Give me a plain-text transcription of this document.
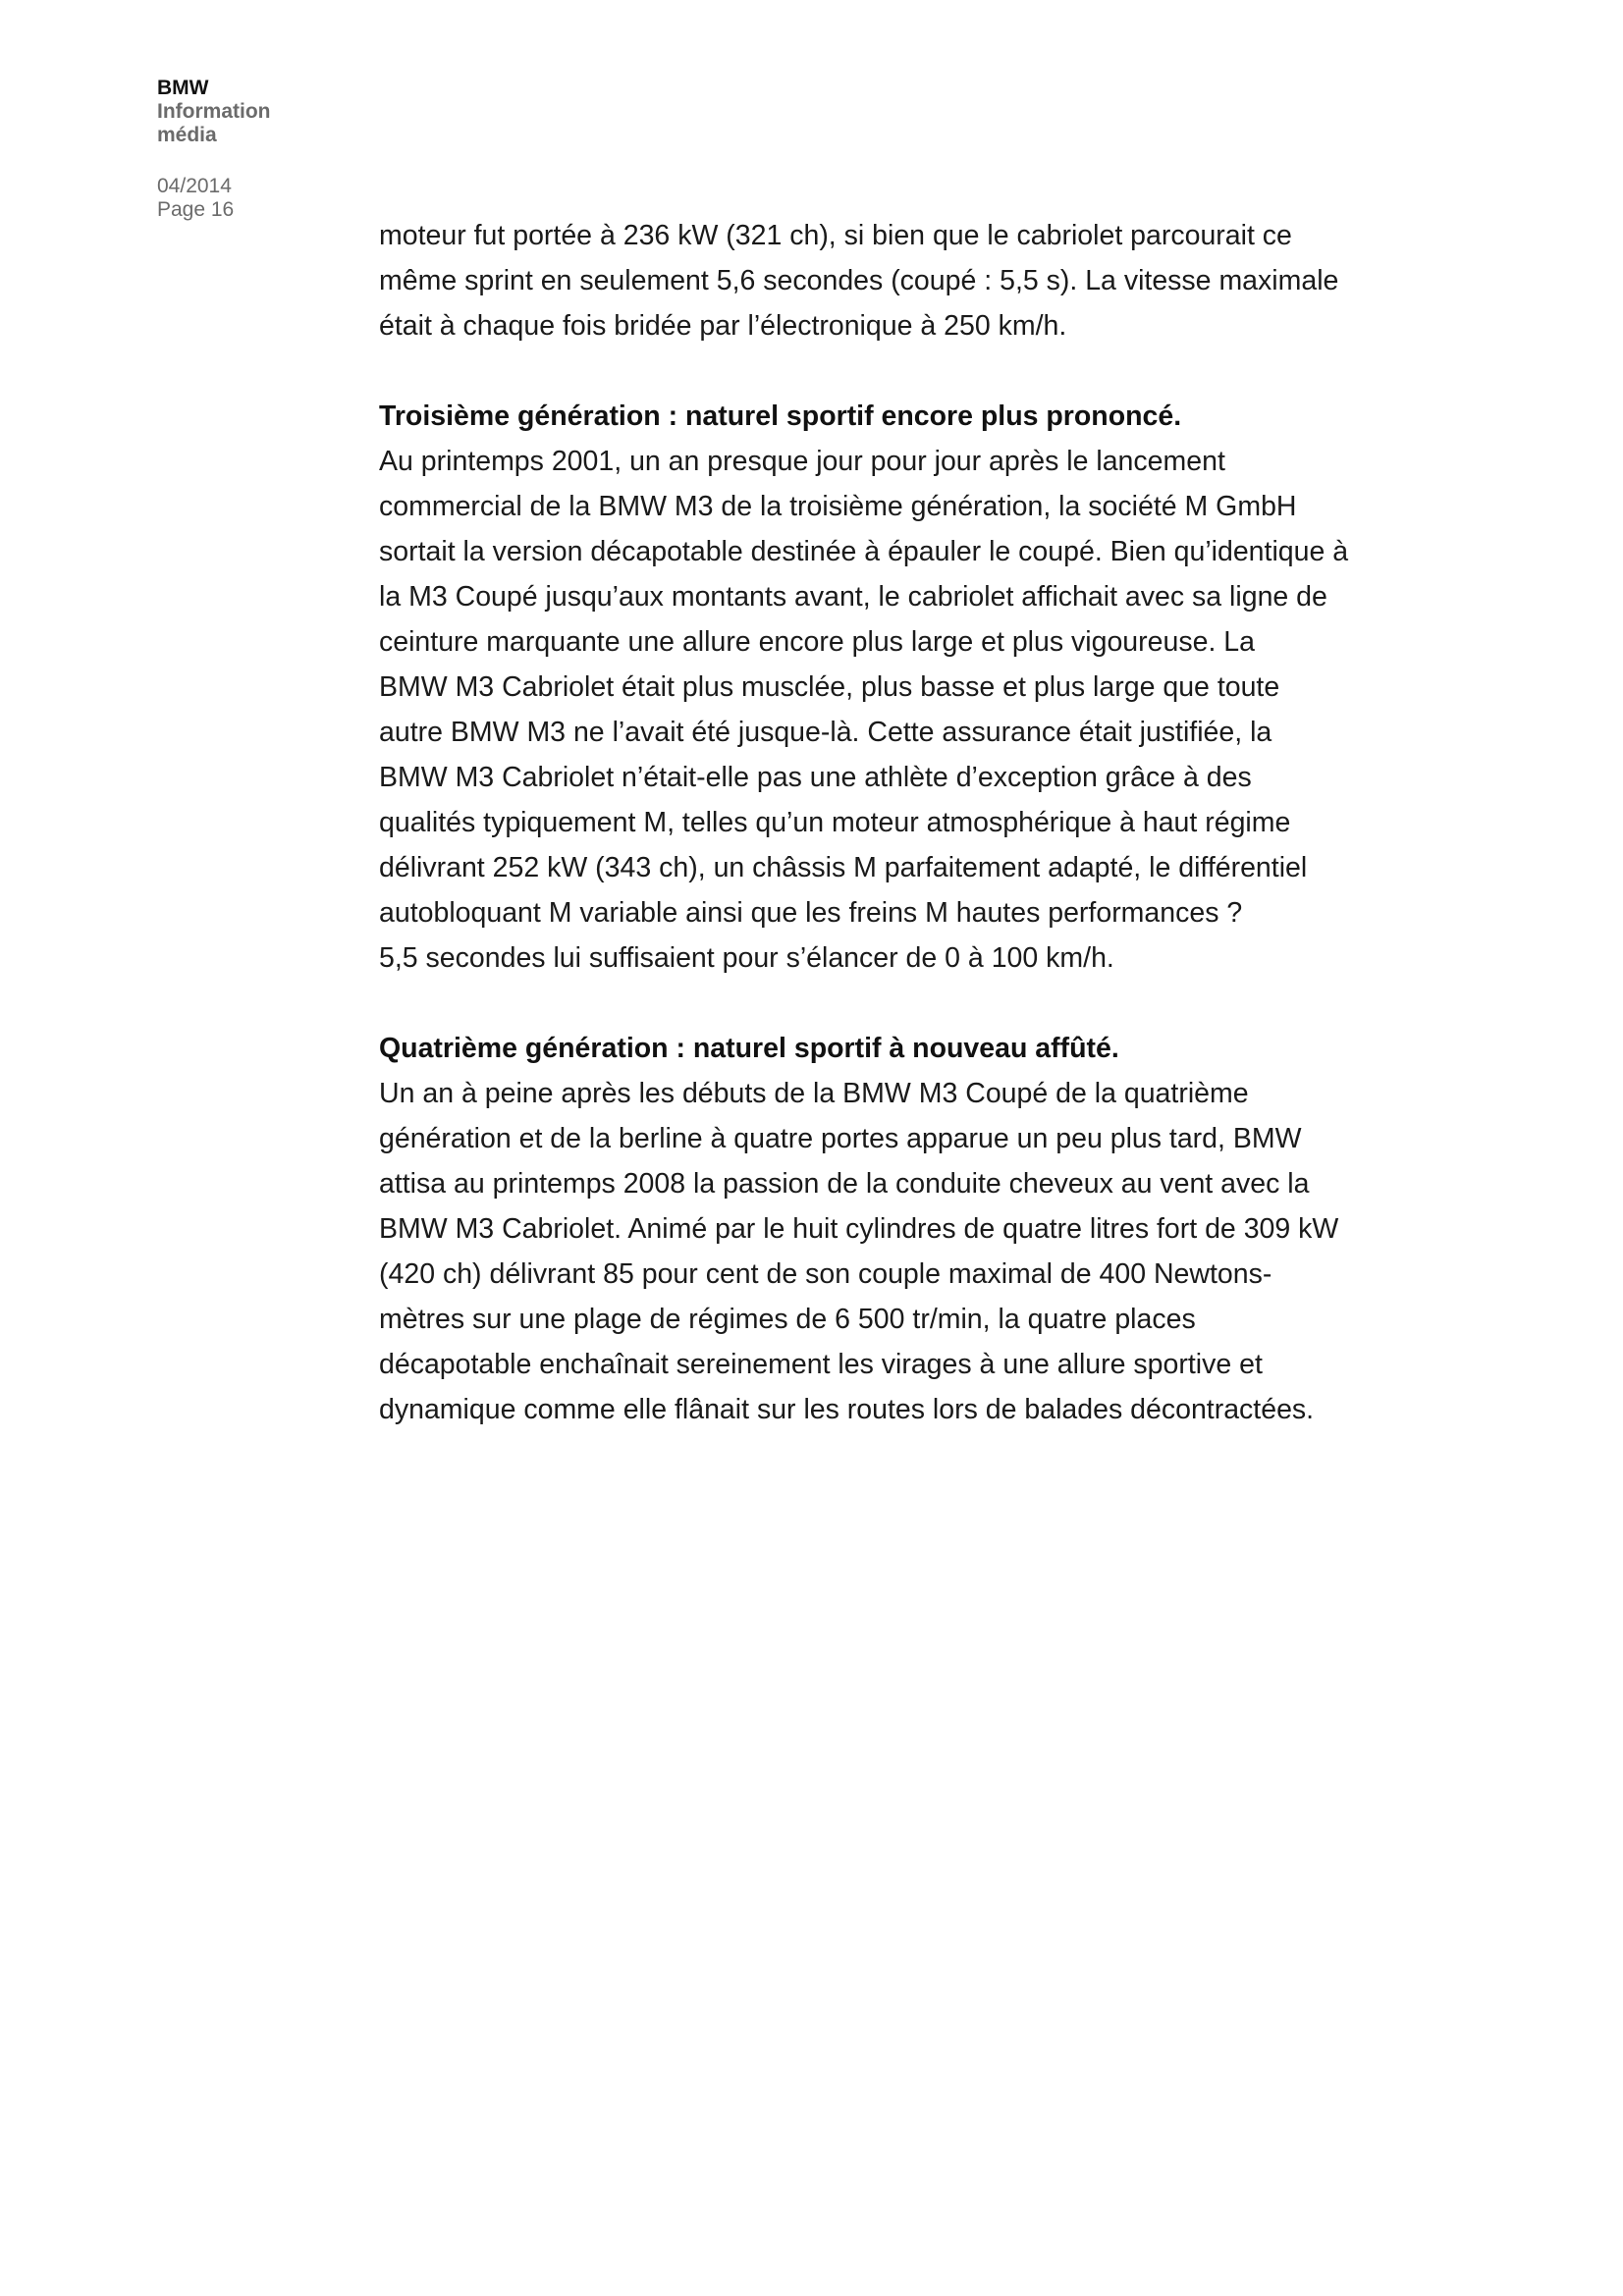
BMW
Information
média
04/2014
Page 16

moteur fut portée à 236 kW (321 ch), si bien que le cabriolet parcourait ce
même sprint en seulement 5,6 secondes (coupé : 5,5 s). La vitesse maximale
était à chaque fois bridée par l’électronique à 250 km/h.

Troisième génération : naturel sportif encore plus prononcé.
Au printemps 2001, un an presque jour pour jour après le lancement
commercial de la BMW M3 de la troisième génération, la société M GmbH
sortait la version décapotable destinée à épauler le coupé. Bien qu’identique à
la M3 Coupé jusqu’aux montants avant, le cabriolet affichait avec sa ligne de
ceinture marquante une allure encore plus large et plus vigoureuse. La
BMW M3 Cabriolet était plus musclée, plus basse et plus large que toute
autre BMW M3 ne l’avait été jusque-là. Cette assurance était justifiée, la
BMW M3 Cabriolet n’était-elle pas une athlète d’exception grâce à des
qualités typiquement M, telles qu’un moteur atmosphérique à haut régime
délivrant 252 kW (343 ch), un châssis M parfaitement adapté, le différentiel
autobloquant M variable ainsi que les freins M hautes performances ?
5,5 secondes lui suffisaient pour s’élancer de 0 à 100 km/h.

Quatrième génération : naturel sportif à nouveau affûté.
Un an à peine après les débuts de la BMW M3 Coupé de la quatrième
génération et de la berline à quatre portes apparue un peu plus tard, BMW
attisa au printemps 2008 la passion de la conduite cheveux au vent avec la
BMW M3 Cabriolet. Animé par le huit cylindres de quatre litres fort de 309 kW
(420 ch) délivrant 85 pour cent de son couple maximal de 400 Newtons-
mètres sur une plage de régimes de 6 500 tr/min, la quatre places
décapotable enchaînait sereinement les virages à une allure sportive et
dynamique comme elle flânait sur les routes lors de balades décontractées.
